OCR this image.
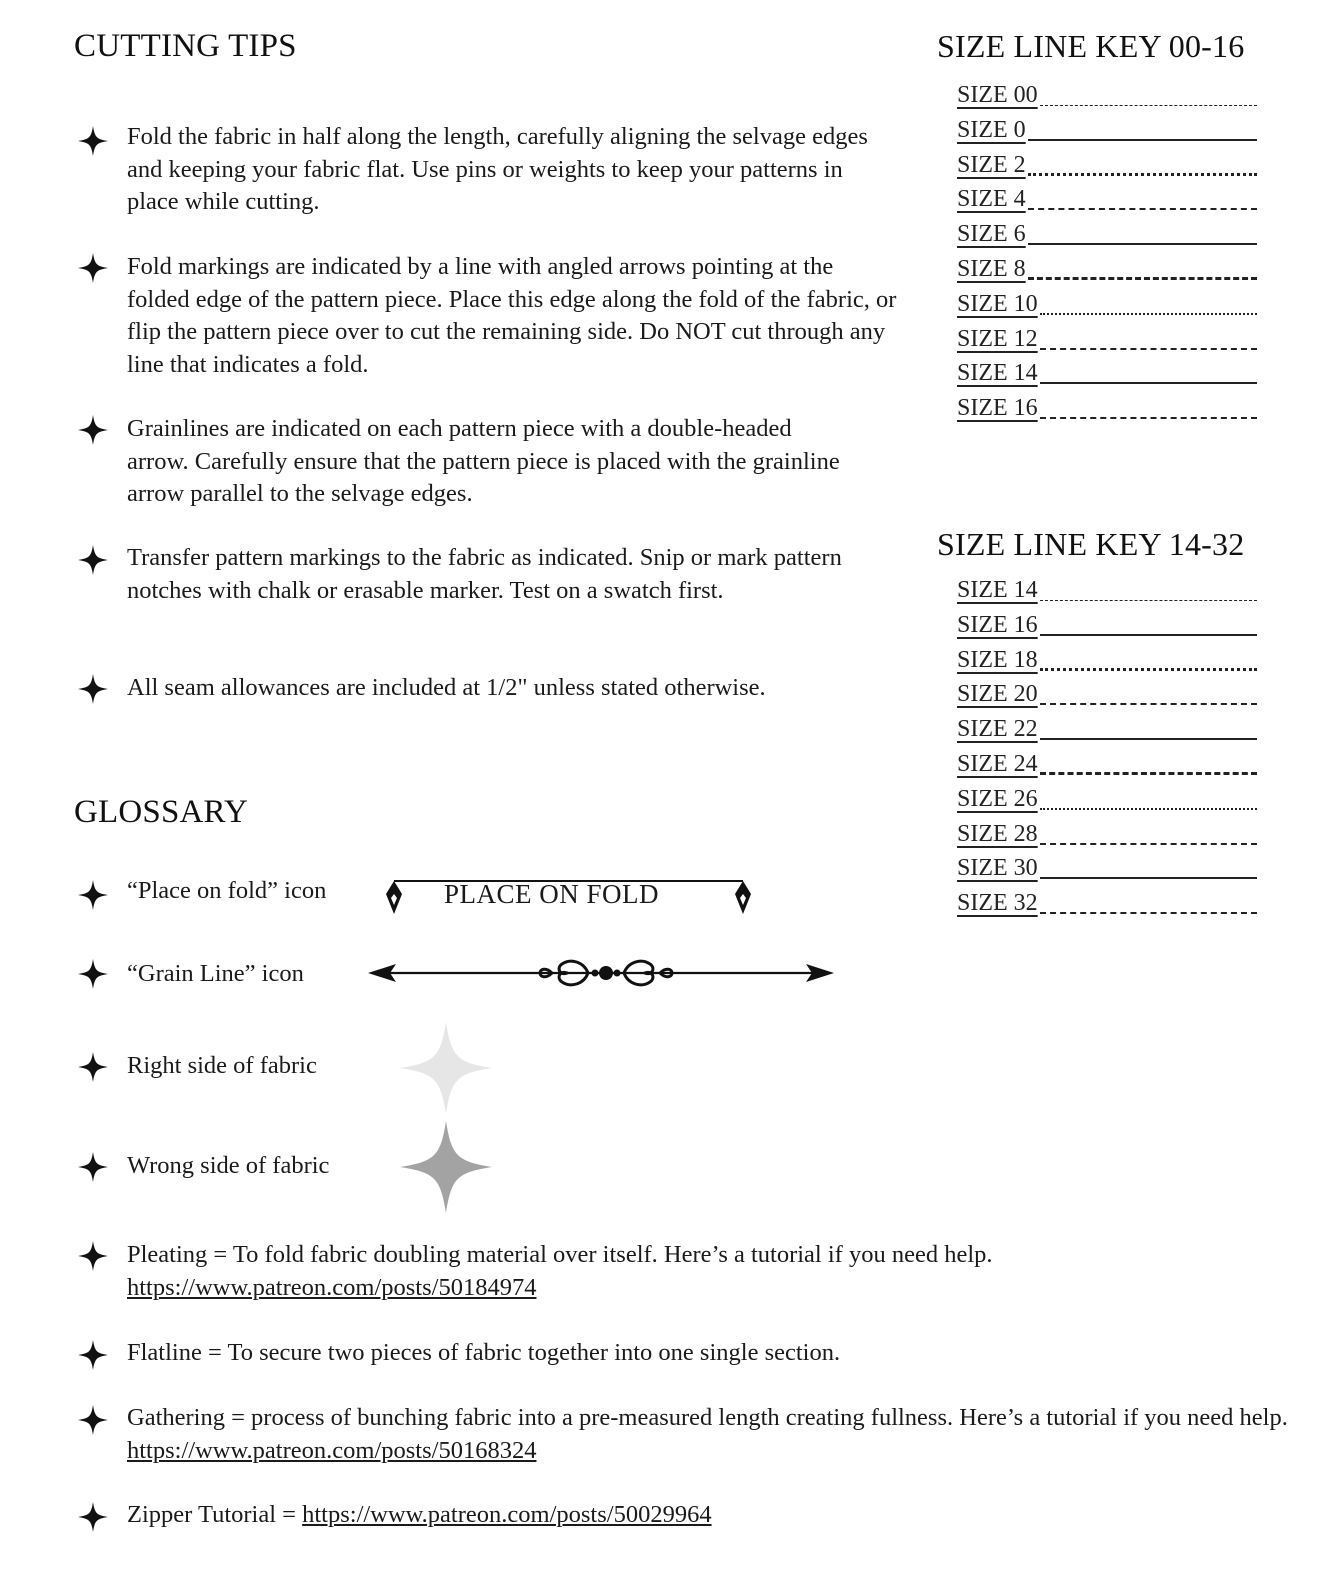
CUTTING TIPS
Fold the fabric in half along the length, carefully aligning the selvage edges and keeping your fabric flat. Use pins or weights to keep your patterns in place while cutting.
Fold markings are indicated by a line with angled arrows pointing at the folded edge of the pattern piece. Place this edge along the fold of the fabric, or flip the pattern piece over to cut the remaining side. Do NOT cut through any line that indicates a fold.
Grainlines are indicated on each pattern piece with a double-headed arrow. Carefully ensure that the pattern piece is placed with the grainline arrow parallel to the selvage edges.
Transfer pattern markings to the fabric as indicated. Snip or mark pattern notches with chalk or erasable marker. Test on a swatch first.
All seam allowances are included at 1/2" unless stated otherwise.
SIZE LINE KEY 00-16
SIZE 00
SIZE 0
SIZE 2
SIZE 4
SIZE 6
SIZE 8
SIZE 10
SIZE 12
SIZE 14
SIZE 16
SIZE LINE KEY 14-32
SIZE 14
SIZE 16
SIZE 18
SIZE 20
SIZE 22
SIZE 24
SIZE 26
SIZE 28
SIZE 30
SIZE 32
GLOSSARY
“Place on fold” icon	PLACE ON FOLD
“Grain Line” icon
Right side of fabric
Wrong side of fabric
Pleating = To fold fabric doubling material over itself. Here’s a tutorial if you need help.
https://www.patreon.com/posts/50184974
Flatline = To secure two pieces of fabric together into one single section.
Gathering = process of bunching fabric into a pre-measured length creating fullness. Here’s a tutorial if you need help. https://www.patreon.com/posts/50168324
Zipper Tutorial = https://www.patreon.com/posts/50029964
